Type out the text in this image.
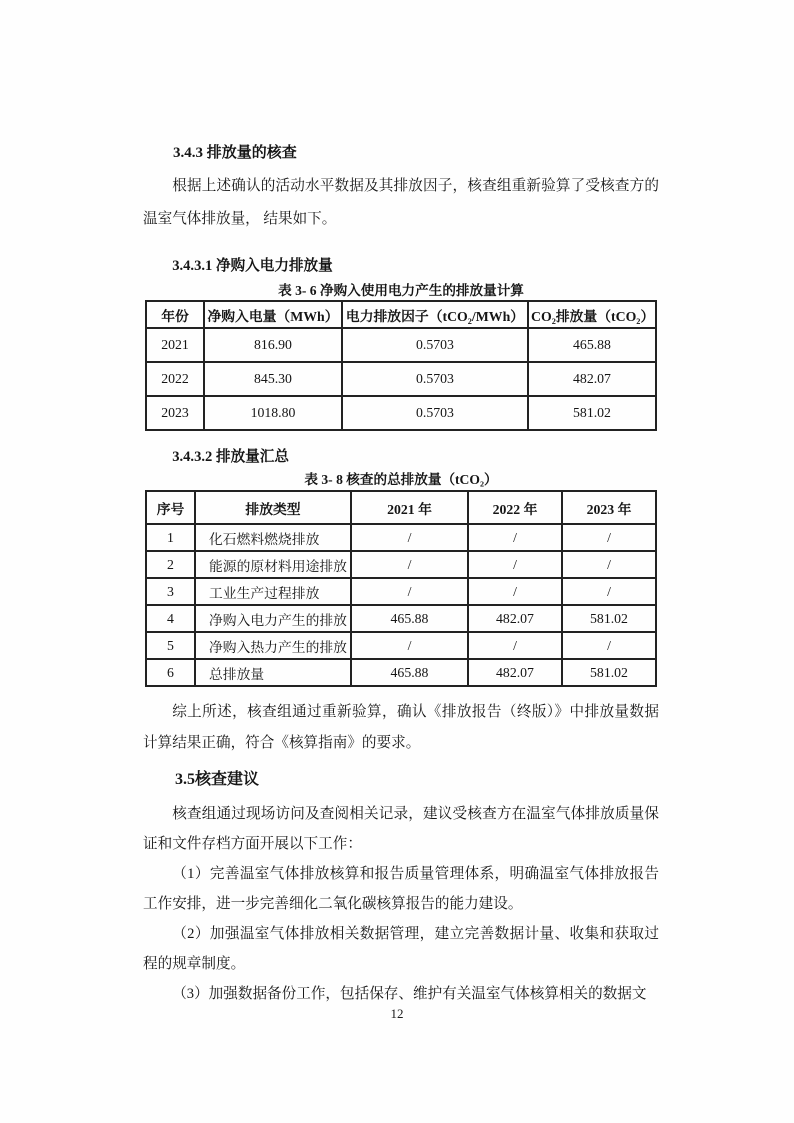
3.4.3 排放量的核查

根据上述确认的活动水平数据及其排放因子，核查组重新验算了受核查方的温室气体排放量， 结果如下。

3.4.3.1 净购入电力排放量
表 3- 6 净购入使用电力产生的排放量计算
年份	净购入电量（MWh）	电力排放因子（tCO₂/MWh）	CO₂排放量（tCO₂）
2021	816.90	0.5703	465.88
2022	845.30	0.5703	482.07
2023	1018.80	0.5703	581.02
3.4.3.2 排放量汇总
表 3- 8 核查的总排放量（tCO₂）
序号	排放类型	2021 年	2022 年	2023 年
1	化石燃料燃烧排放	/	/	/
2	能源的原材料用途排放	/	/	/
3	工业生产过程排放	/	/	/
4	净购入电力产生的排放	465.88	482.07	581.02
5	净购入热力产生的排放	/	/	/
6	总排放量	465.88	482.07	581.02

综上所述，核查组通过重新验算，确认《排放报告（终版）》中排放量数据计算结果正确，符合《核算指南》的要求。

3.5核查建议

核查组通过现场访问及查阅相关记录，建议受核查方在温室气体排放质量保证和文件存档方面开展以下工作：

（1）完善温室气体排放核算和报告质量管理体系，明确温室气体排放报告工作安排，进一步完善细化二氧化碳核算报告的能力建设。

（2）加强温室气体排放相关数据管理，建立完善数据计量、收集和获取过程的规章制度。

（3）加强数据备份工作，包括保存、维护有关温室气体核算相关的数据文

12
